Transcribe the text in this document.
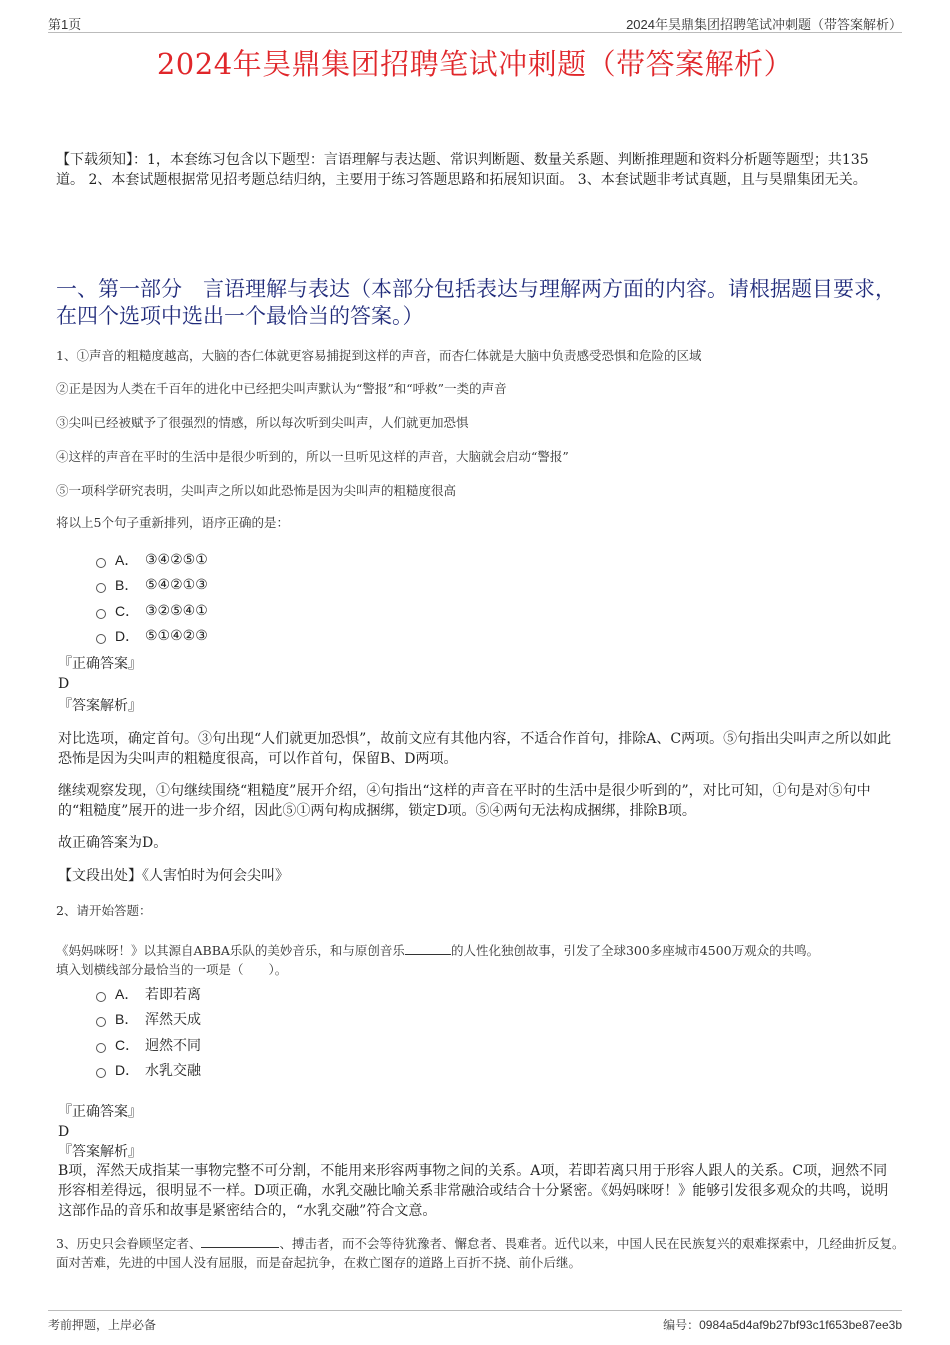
第1页	2024年昊鼎集团招聘笔试冲刺题（带答案解析）
2024年昊鼎集团招聘笔试冲刺题（带答案解析）
【下载须知】：1，本套练习包含以下题型：言语理解与表达题、常识判断题、数量关系题、判断推理题和资料分析题等题型；共135道。 2、本套试题根据常见招考题总结归纳，主要用于练习答题思路和拓展知识面。 3、本套试题非考试真题，且与昊鼎集团无关。
一、第一部分　言语理解与表达（本部分包括表达与理解两方面的内容。请根据题目要求，在四个选项中选出一个最恰当的答案。）
1、①声音的粗糙度越高，大脑的杏仁体就更容易捕捉到这样的声音，而杏仁体就是大脑中负责感受恐惧和危险的区域
②正是因为人类在千百年的进化中已经把尖叫声默认为“警报”和“呼救”一类的声音
③尖叫已经被赋予了很强烈的情感，所以每次听到尖叫声，人们就更加恐惧
④这样的声音在平时的生活中是很少听到的，所以一旦听见这样的声音，大脑就会启动“警报”
⑤一项科学研究表明，尖叫声之所以如此恐怖是因为尖叫声的粗糙度很高
将以上5个句子重新排列，语序正确的是：
A． ③④②⑤①
B． ⑤④②①③
C． ③②⑤④①
D． ⑤①④②③
『正确答案』
D
『答案解析』
对比选项，确定首句。③句出现“人们就更加恐惧”，故前文应有其他内容，不适合作首句，排除A、C两项。⑤句指出尖叫声之所以如此恐怖是因为尖叫声的粗糙度很高，可以作首句，保留B、D两项。
继续观察发现，①句继续围绕“粗糙度”展开介绍，④句指出“这样的声音在平时的生活中是很少听到的”，对比可知，①句是对⑤句中的“粗糙度”展开的进一步介绍，因此⑤①两句构成捆绑，锁定D项。⑤④两句无法构成捆绑，排除B项。
故正确答案为D。
【文段出处】《人害怕时为何会尖叫》
2、请开始答题：
《妈妈咪呀！》以其源自ABBA乐队的美妙音乐，和与原创音乐	的人性化独创故事，引发了全球300多座城市4500万观众的共鸣。
填入划横线部分最恰当的一项是（　　）。
A． 若即若离
B． 浑然天成
C． 迥然不同
D． 水乳交融
『正确答案』
D
『答案解析』
B项，浑然天成指某一事物完整不可分割，不能用来形容两事物之间的关系。A项，若即若离只用于形容人跟人的关系。C项，迥然不同形容相差得远，很明显不一样。D项正确，水乳交融比喻关系非常融洽或结合十分紧密。《妈妈咪呀！》能够引发很多观众的共鸣，说明这部作品的音乐和故事是紧密结合的，“水乳交融”符合文意。
3、历史只会眷顾坚定者、	、搏击者，而不会等待犹豫者、懈怠者、畏难者。近代以来，中国人民在民族复兴的艰难探索中，几经曲折反复。面对苦难，先进的中国人没有屈服，而是奋起抗争，在救亡图存的道路上百折不挠、前仆后继。
考前押题，上岸必备	编号：0984a5d4af9b27bf93c1f653be87ee3b
